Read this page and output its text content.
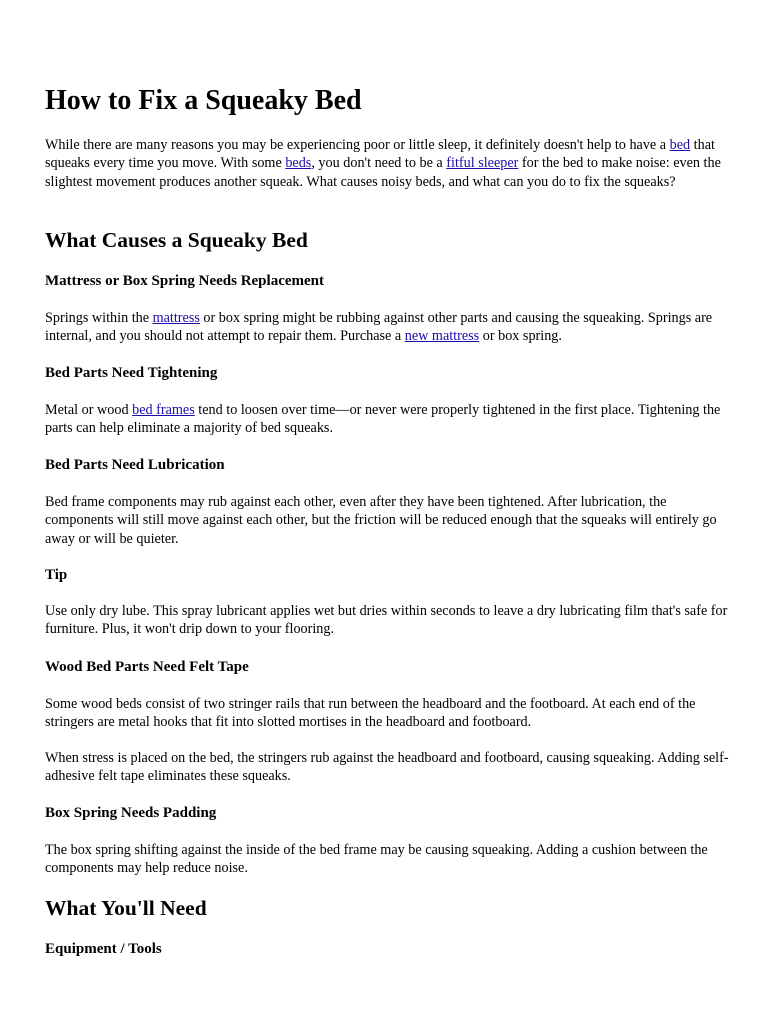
How to Fix a Squeaky Bed

While there are many reasons you may be experiencing poor or little sleep, it definitely doesn't help to have a bed that squeaks every time you move. With some beds, you don't need to be a fitful sleeper for the bed to make noise: even the slightest movement produces another squeak. What causes noisy beds, and what can you do to fix the squeaks?

What Causes a Squeaky Bed
Mattress or Box Spring Needs Replacement

Springs within the mattress or box spring might be rubbing against other parts and causing the squeaking. Springs are internal, and you should not attempt to repair them. Purchase a new mattress or box spring.

Bed Parts Need Tightening

Metal or wood bed frames tend to loosen over time—or never were properly tightened in the first place. Tightening the parts can help eliminate a majority of bed squeaks.

Bed Parts Need Lubrication

Bed frame components may rub against each other, even after they have been tightened. After lubrication, the components will still move against each other, but the friction will be reduced enough that the squeaks will entirely go away or will be quieter.

Tip

Use only dry lube. This spray lubricant applies wet but dries within seconds to leave a dry lubricating film that's safe for furniture. Plus, it won't drip down to your flooring.

Wood Bed Parts Need Felt Tape

Some wood beds consist of two stringer rails that run between the headboard and the footboard. At each end of the stringers are metal hooks that fit into slotted mortises in the headboard and footboard.

When stress is placed on the bed, the stringers rub against the headboard and footboard, causing squeaking. Adding self-adhesive felt tape eliminates these squeaks.

Box Spring Needs Padding

The box spring shifting against the inside of the bed frame may be causing squeaking. Adding a cushion between the components may help reduce noise.

What You'll Need
Equipment / Tools
